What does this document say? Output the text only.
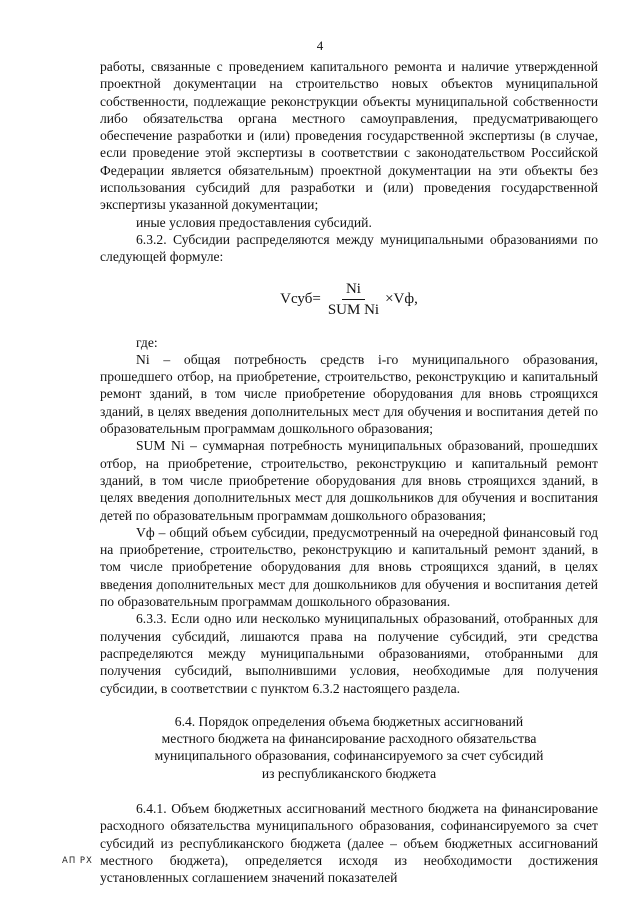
4

работы, связанные с проведением капитального ремонта и наличие утвержденной проектной документации на строительство новых объектов муниципальной собственности, подлежащие реконструкции объекты муниципальной собственности либо обязательства органа местного самоуправления, предусматривающего обеспечение разработки и (или) проведения государственной экспертизы (в случае, если проведение этой экспертизы в соответствии с законодательством Российской Федерации является обязательным) проектной документации на эти объекты без использования субсидий для разработки и (или) проведения государственной экспертизы указанной документации;

иные условия предоставления субсидий.

6.3.2. Субсидии распределяются между муниципальными образованиями по следующей формуле:

Vсуб= $\frac{Ni}{\text{SUM Ni}} \times Vф$,

где:

Ni – общая потребность средств i-го муниципального образования, прошедшего отбор, на приобретение, строительство, реконструкцию и капитальный ремонт зданий, в том числе приобретение оборудования для вновь строящихся зданий, в целях введения дополнительных мест для обучения и воспитания детей по образовательным программам дошкольного образования;

SUM Ni – суммарная потребность муниципальных образований, прошедших отбор, на приобретение, строительство, реконструкцию и капитальный ремонт зданий, в том числе приобретение оборудования для вновь строящихся зданий, в целях введения дополнительных мест для дошкольников для обучения и воспитания детей по образовательным программам дошкольного образования;

Vф – общий объем субсидии, предусмотренный на очередной финансовый год на приобретение, строительство, реконструкцию и капитальный ремонт зданий, в том числе приобретение оборудования для вновь строящихся зданий, в целях введения дополнительных мест для дошкольников для обучения и воспитания детей по образовательным программам дошкольного образования.

6.3.3. Если одно или несколько муниципальных образований, отобранных для получения субсидий, лишаются права на получение субсидий, эти средства распределяются между муниципальными образованиями, отобранными для получения субсидий, выполнившими условия, необходимые для получения субсидии, в соответствии с пунктом 6.3.2 настоящего раздела.

6.4. Порядок определения объема бюджетных ассигнований
местного бюджета на финансирование расходного обязательства
муниципального образования, софинансируемого за счет субсидий
из республиканского бюджета

6.4.1. Объем бюджетных ассигнований местного бюджета на финансирование расходного обязательства муниципального образования, софинансируемого за счет субсидий из республиканского бюджета (далее – объем бюджетных ассигнований местного бюджета), определяется исходя из необходимости достижения установленных соглашением значений показателей

АП РХ
